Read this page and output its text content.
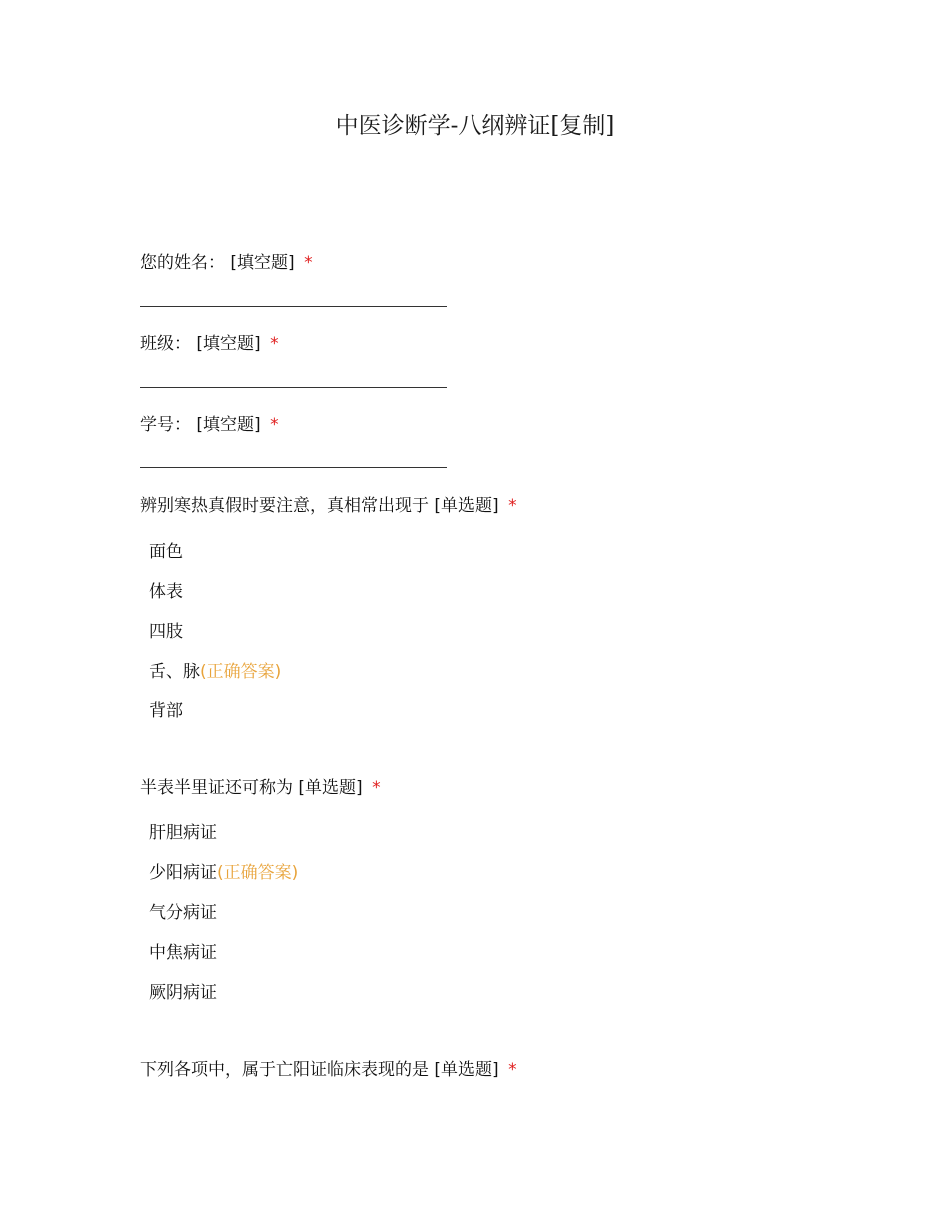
中医诊断学-八纲辨证[复制]
您的姓名： [填空题] *
班级： [填空题] *
学号： [填空题] *
辨别寒热真假时要注意，真相常出现于 [单选题] *
面色
体表
四肢
舌、脉(正确答案)
背部
半表半里证还可称为 [单选题] *
肝胆病证
少阳病证(正确答案)
气分病证
中焦病证
厥阴病证
下列各项中，属于亡阳证临床表现的是 [单选题] *
